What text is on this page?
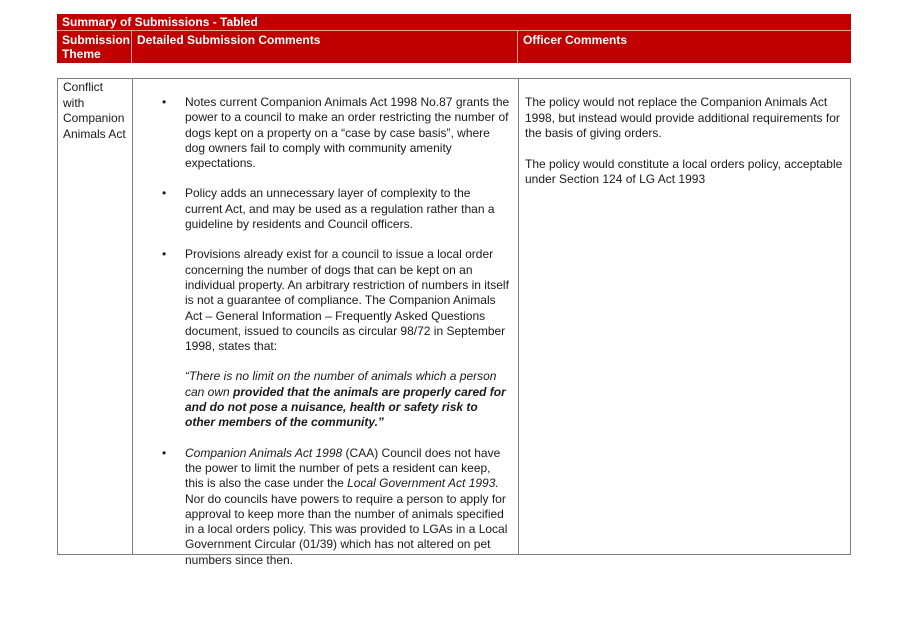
Summary of Submissions - Tabled
Submission Theme
Detailed Submission Comments	Officer Comments
Conflict with Companion Animals Act
• Notes current Companion Animals Act 1998 No.87 grants the power to a council to make an order restricting the number of dogs kept on a property on a “case by case basis”, where dog owners fail to comply with community amenity expectations.
• Policy adds an unnecessary layer of complexity to the current Act, and may be used as a regulation rather than a guideline by residents and Council officers.
• Provisions already exist for a council to issue a local order concerning the number of dogs that can be kept on an individual property. An arbitrary restriction of numbers in itself is not a guarantee of compliance. The Companion Animals Act – General Information – Frequently Asked Questions document, issued to councils as circular 98/72 in September 1998, states that:
“There is no limit on the number of animals which a person can own provided that the animals are properly cared for and do not pose a nuisance, health or safety risk to other members of the community.”
• Companion Animals Act 1998 (CAA) Council does not have the power to limit the number of pets a resident can keep, this is also the case under the Local Government Act 1993. Nor do councils have powers to require a person to apply for approval to keep more than the number of animals specified in a local orders policy. This was provided to LGAs in a Local Government Circular (01/39) which has not altered on pet numbers since then.

The policy would not replace the Companion Animals Act 1998, but instead would provide additional requirements for the basis of giving orders.

The policy would constitute a local orders policy, acceptable under Section 124 of LG Act 1993
